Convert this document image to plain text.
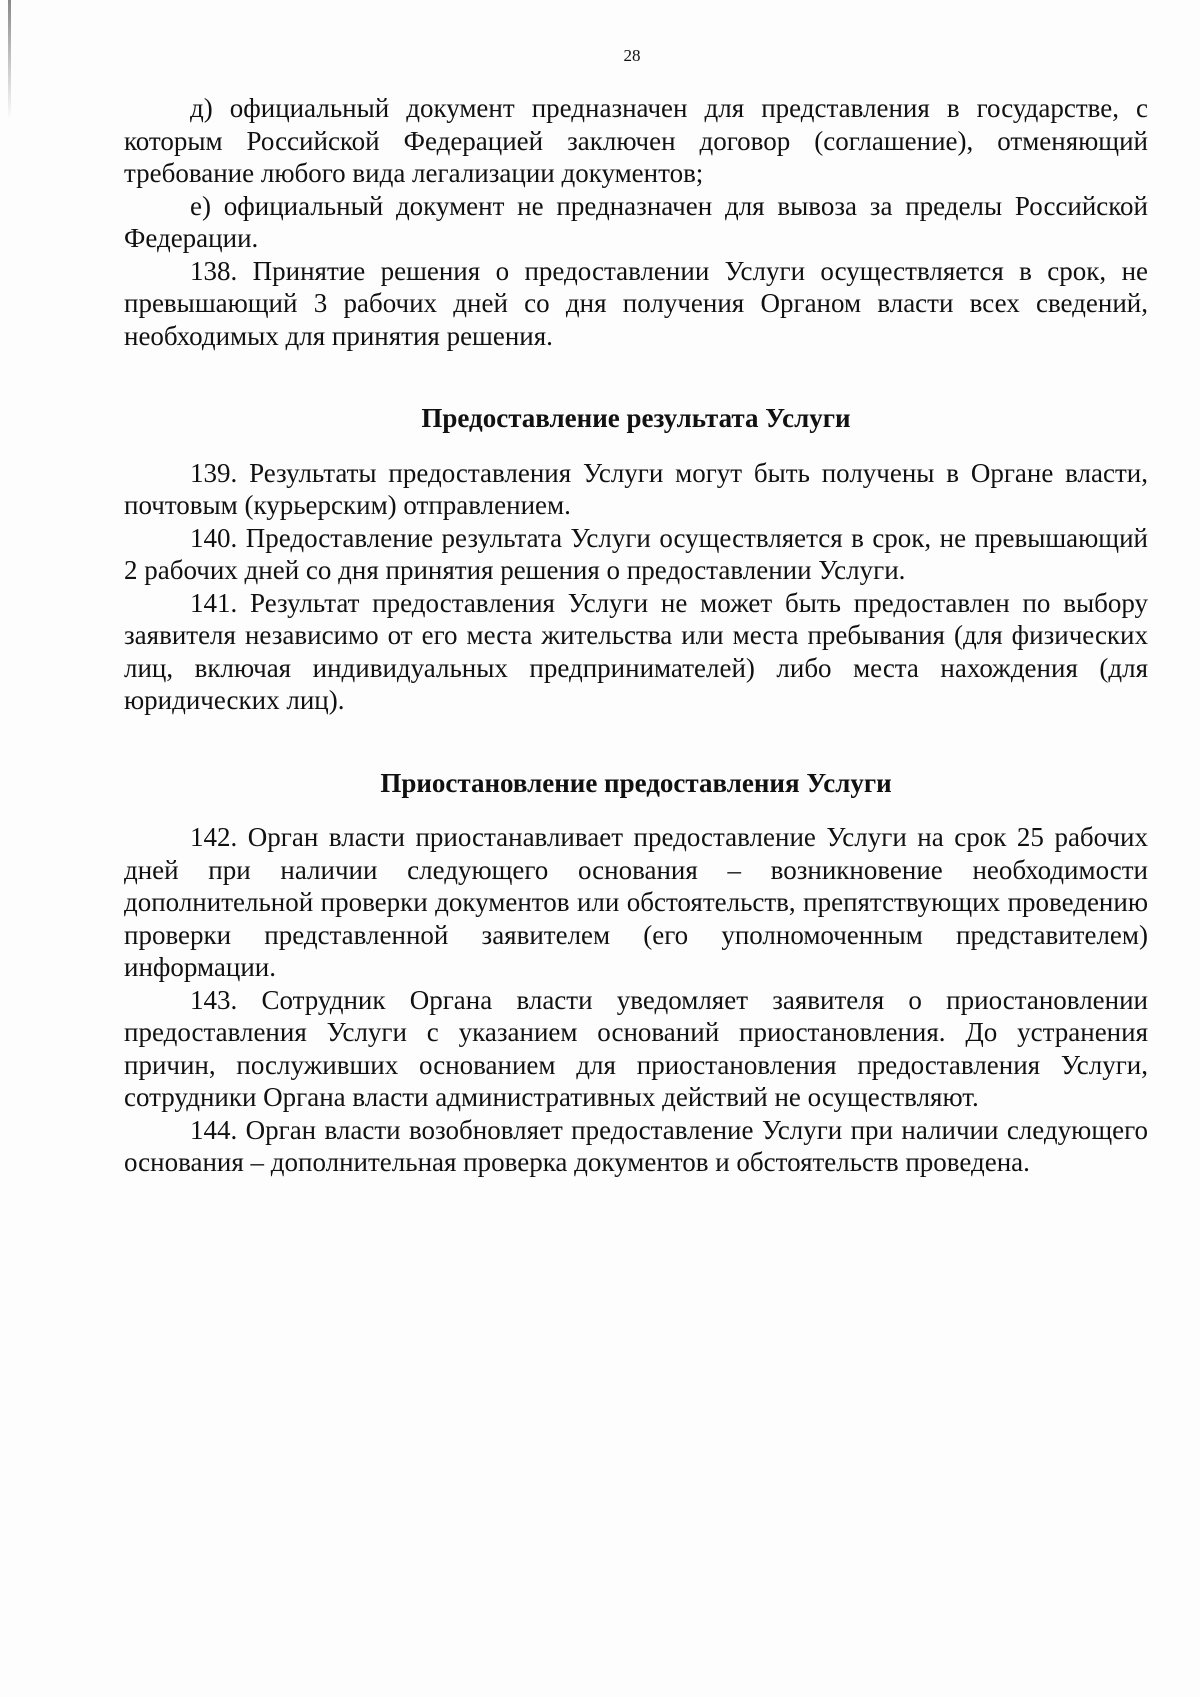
28

д) официальный документ предназначен для представления в государстве, с которым Российской Федерацией заключен договор (соглашение), отменяющий требование любого вида легализации документов;

е) официальный документ не предназначен для вывоза за пределы Российской Федерации.

138. Принятие решения о предоставлении Услуги осуществляется в срок, не превышающий 3 рабочих дней со дня получения Органом власти всех сведений, необходимых для принятия решения.

Предоставление результата Услуги

139. Результаты предоставления Услуги могут быть получены в Органе власти, почтовым (курьерским) отправлением.

140. Предоставление результата Услуги осуществляется в срок, не превышающий 2 рабочих дней со дня принятия решения о предоставлении Услуги.

141. Результат предоставления Услуги не может быть предоставлен по выбору заявителя независимо от его места жительства или места пребывания (для физических лиц, включая индивидуальных предпринимателей) либо места нахождения (для юридических лиц).

Приостановление предоставления Услуги

142. Орган власти приостанавливает предоставление Услуги на срок 25 рабочих дней при наличии следующего основания – возникновение необходимости дополнительной проверки документов или обстоятельств, препятствующих проведению проверки представленной заявителем (его уполномоченным представителем) информации.

143. Сотрудник Органа власти уведомляет заявителя о приостановлении предоставления Услуги с указанием оснований приостановления. До устранения причин, послуживших основанием для приостановления предоставления Услуги, сотрудники Органа власти административных действий не осуществляют.

144. Орган власти возобновляет предоставление Услуги при наличии следующего основания – дополнительная проверка документов и обстоятельств проведена.
